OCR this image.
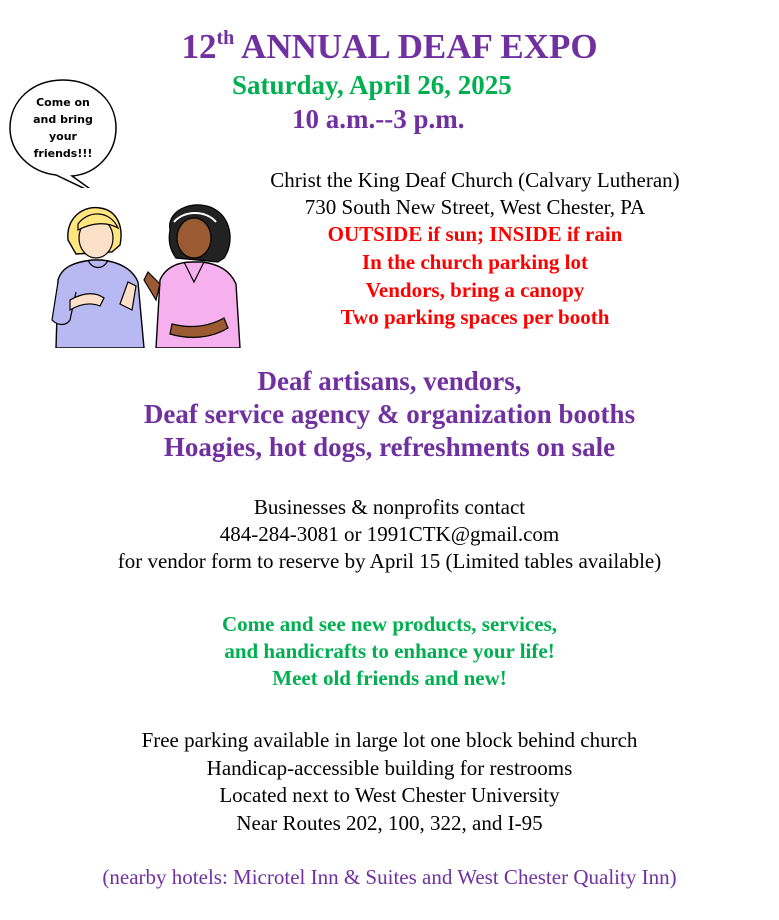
12th ANNUAL DEAF EXPO
Saturday, April 26, 2025
10 a.m.--3 p.m.
Come on
and bring
your
friends!!!
Christ the King Deaf Church (Calvary Lutheran)
730 South New Street, West Chester, PA
OUTSIDE if sun; INSIDE if rain
In the church parking lot
Vendors, bring a canopy
Two parking spaces per booth
Deaf artisans, vendors,
Deaf service agency & organization booths
Hoagies, hot dogs, refreshments on sale
Businesses & nonprofits contact
484-284-3081 or 1991CTK@gmail.com
for vendor form to reserve by April 15 (Limited tables available)
Come and see new products, services,
and handicrafts to enhance your life!
Meet old friends and new!
Free parking available in large lot one block behind church
Handicap-accessible building for restrooms
Located next to West Chester University
Near Routes 202, 100, 322, and I-95
(nearby hotels: Microtel Inn & Suites and West Chester Quality Inn)
